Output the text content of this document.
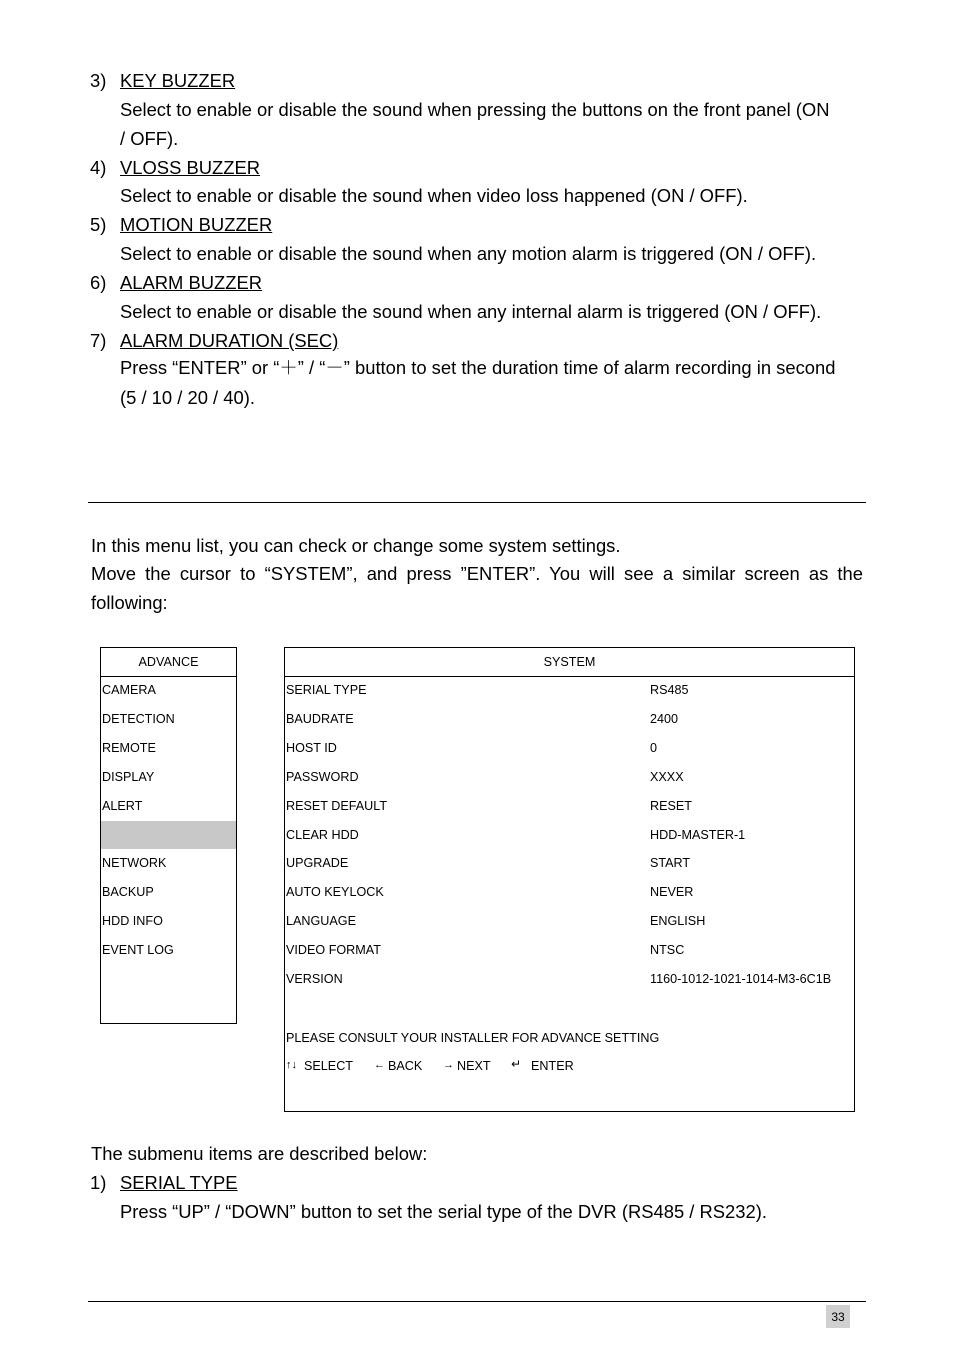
3) KEY BUZZER
Select to enable or disable the sound when pressing the buttons on the front panel (ON
/ OFF).
4) VLOSS BUZZER
Select to enable or disable the sound when video loss happened (ON / OFF).
5) MOTION BUZZER
Select to enable or disable the sound when any motion alarm is triggered (ON / OFF).
6) ALARM BUZZER
Select to enable or disable the sound when any internal alarm is triggered (ON / OFF).
7) ALARM DURATION (SEC)
Press “ENTER” or “＋” / “－” button to set the duration time of alarm recording in second
(5 / 10 / 20 / 40).
In this menu list, you can check or change some system settings.
Move the cursor to “SYSTEM”, and press ”ENTER”. You will see a similar screen as the
following:
ADVANCE
CAMERA
DETECTION
REMOTE
DISPLAY
ALERT
NETWORK
BACKUP
HDD INFO
EVENT LOG
SYSTEM
SERIAL TYPE	RS485
BAUDRATE	2400
HOST ID	0
PASSWORD	XXXX
RESET DEFAULT	RESET
CLEAR HDD	HDD-MASTER-1
UPGRADE	START
AUTO KEYLOCK	NEVER
LANGUAGE	ENGLISH
VIDEO FORMAT	NTSC
VERSION	1160-1012-1021-1014-M3-6C1B
PLEASE CONSULT YOUR INSTALLER FOR ADVANCE SETTING
↑↓ SELECT ← BACK → NEXT ↵ ENTER
The submenu items are described below:
1) SERIAL TYPE
Press “UP” / “DOWN” button to set the serial type of the DVR (RS485 / RS232).
33
